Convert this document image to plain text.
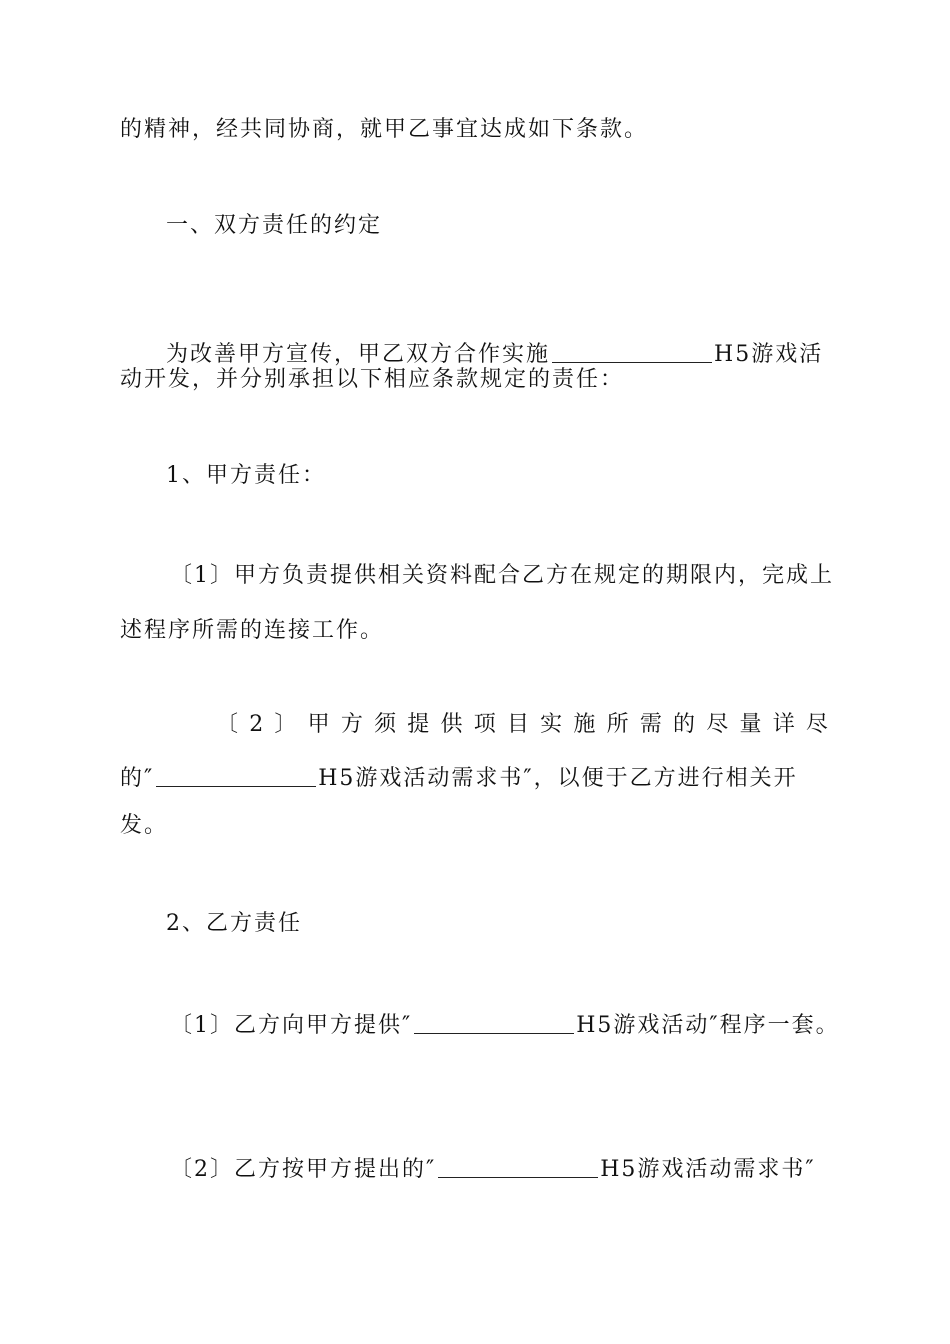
的精神，经共同协商，就甲乙事宜达成如下条款。
一、双方责任的约定
为改善甲方宣传，甲乙双方合作实施	H5游戏活
动开发，并分别承担以下相应条款规定的责任：
1、甲方责任：
〔1〕甲方负责提供相关资料配合乙方在规定的期限内，完成上
述程序所需的连接工作。
〔 2 〕 甲 方 须 提 供 项 目 实 施 所 需 的 尽 量 详 尽
的″	H5游戏活动需求书″，以便于乙方进行相关开
发。
2、乙方责任
〔1〕乙方向甲方提供″	H5游戏活动″程序一套。
〔2〕乙方按甲方提出的″	H5游戏活动需求书″
